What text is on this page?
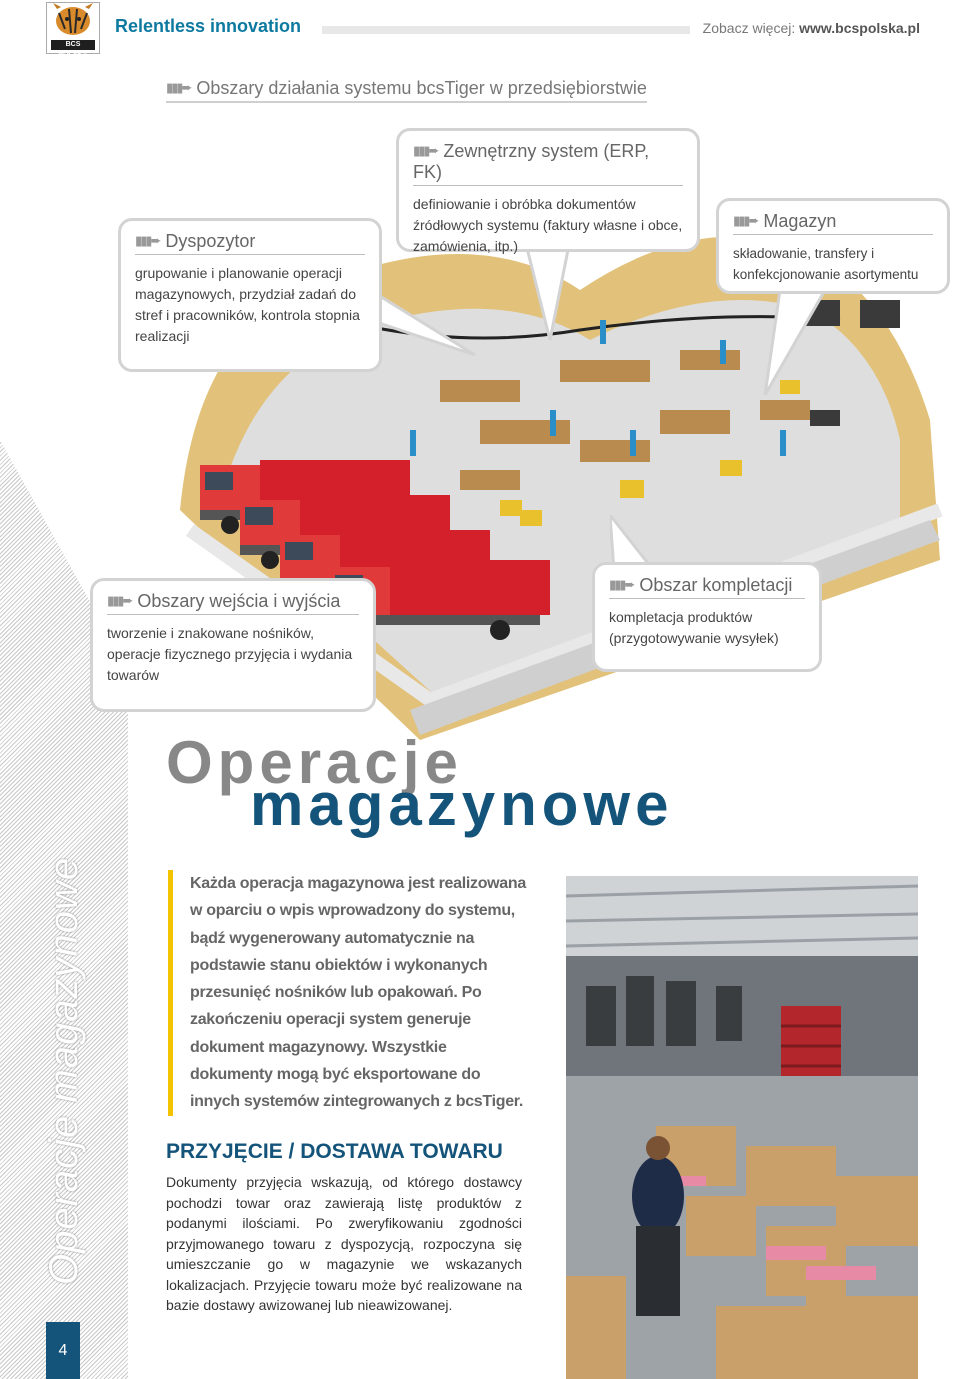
BCS POLSKA
Relentless innovation	Zobacz więcej: www.bcspolska.pl
▮▮▮➨ Obszary działania systemu bcsTiger w przedsiębiorstwie
▮▮▮➨ Zewnętrzny system (ERP, FK)

definiowanie i obróbka dokumentów źródłowych systemu (faktury własne i obce, zamówienia, itp.)

▮▮▮➨ Dyspozytor

grupowanie i planowanie operacji magazynowych, przydział zadań do stref i pracowników, kontrola stopnia realizacji

▮▮▮➨ Magazyn

składowanie, transfery i konfekcjonowanie asortymentu

▮▮▮➨ Obszary wejścia i wyjścia

tworzenie i znakowane nośników, operacje fizycznego przyjęcia i wydania towarów

▮▮▮➨ Obszar kompletacji

kompletacja produktów (przygotowywanie wysyłek)

Operacje magazynowe
4
Operacje
magazynowe

Każda operacja magazynowa jest realizowana w oparciu o wpis wprowadzony do systemu, bądź wygenerowany automatycznie na podstawie stanu obiektów i wykonanych przesunięć nośników lub opakowań. Po zakończeniu operacji system generuje dokument magazynowy. Wszystkie dokumenty mogą być eksportowane do innych systemów zintegrowanych z bcsTiger.

PRZYJĘCIE / DOSTAWA TOWARU
Dokumenty przyjęcia wskazują, od którego dostawcy pochodzi towar oraz zawierają listę produktów z podanymi ilościami. Po zweryfikowaniu zgodności przyjmowanego towaru z dyspozycją, rozpoczyna się umieszczanie go w magazynie we wskazanych lokalizacjach. Przyjęcie towaru może być realizowane na bazie dostawy awizowanej lub nieawizowanej.
